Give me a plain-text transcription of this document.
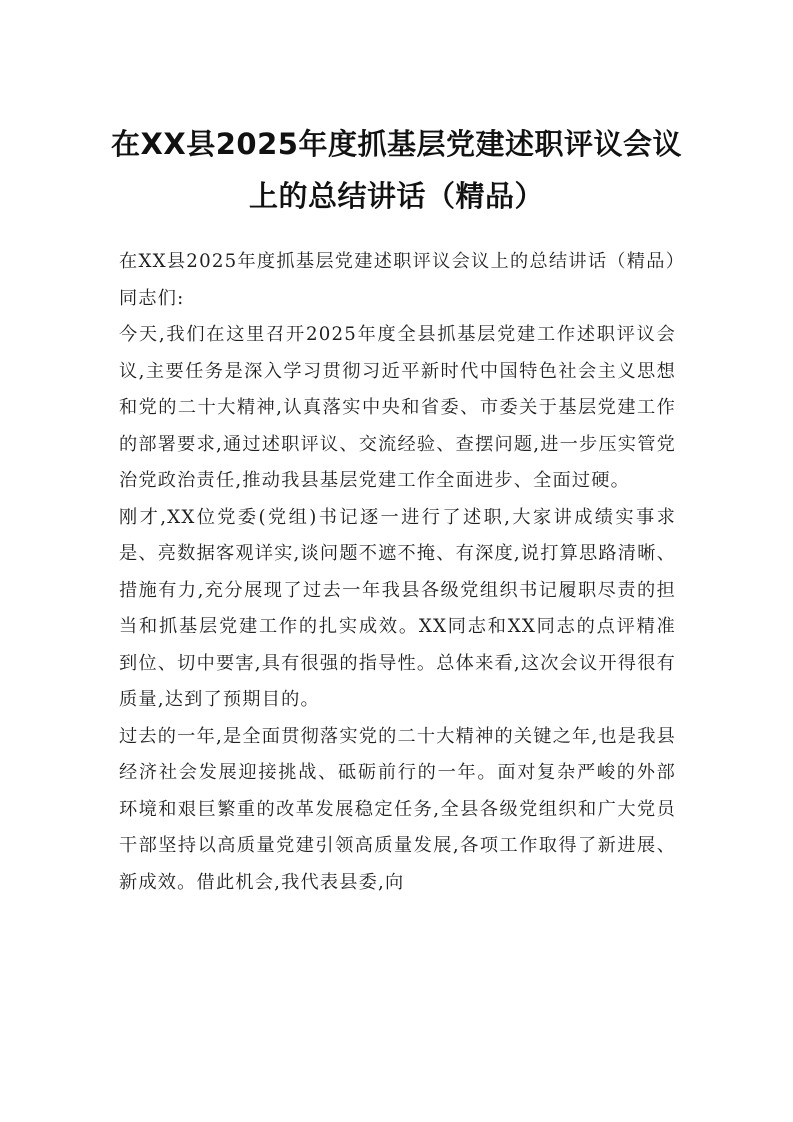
在XX县2025年度抓基层党建述职评议会议
上的总结讲话（精品）

在XX县2025年度抓基层党建述职评议会议上的总结讲话（精品）同志们:

今天,我们在这里召开2025年度全县抓基层党建工作述职评议会议,主要任务是深入学习贯彻习近平新时代中国特色社会主义思想和党的二十大精神,认真落实中央和省委、市委关于基层党建工作的部署要求,通过述职评议、交流经验、查摆问题,进一步压实管党治党政治责任,推动我县基层党建工作全面进步、全面过硬。

刚才,XX位党委(党组)书记逐一进行了述职,大家讲成绩实事求是、亮数据客观详实,谈问题不遮不掩、有深度,说打算思路清晰、措施有力,充分展现了过去一年我县各级党组织书记履职尽责的担当和抓基层党建工作的扎实成效。XX同志和XX同志的点评精准到位、切中要害,具有很强的指导性。总体来看,这次会议开得很有质量,达到了预期目的。

过去的一年,是全面贯彻落实党的二十大精神的关键之年,也是我县经济社会发展迎接挑战、砥砺前行的一年。面对复杂严峻的外部环境和艰巨繁重的改革发展稳定任务,全县各级党组织和广大党员干部坚持以高质量党建引领高质量发展,各项工作取得了新进展、新成效。借此机会,我代表县委,向
